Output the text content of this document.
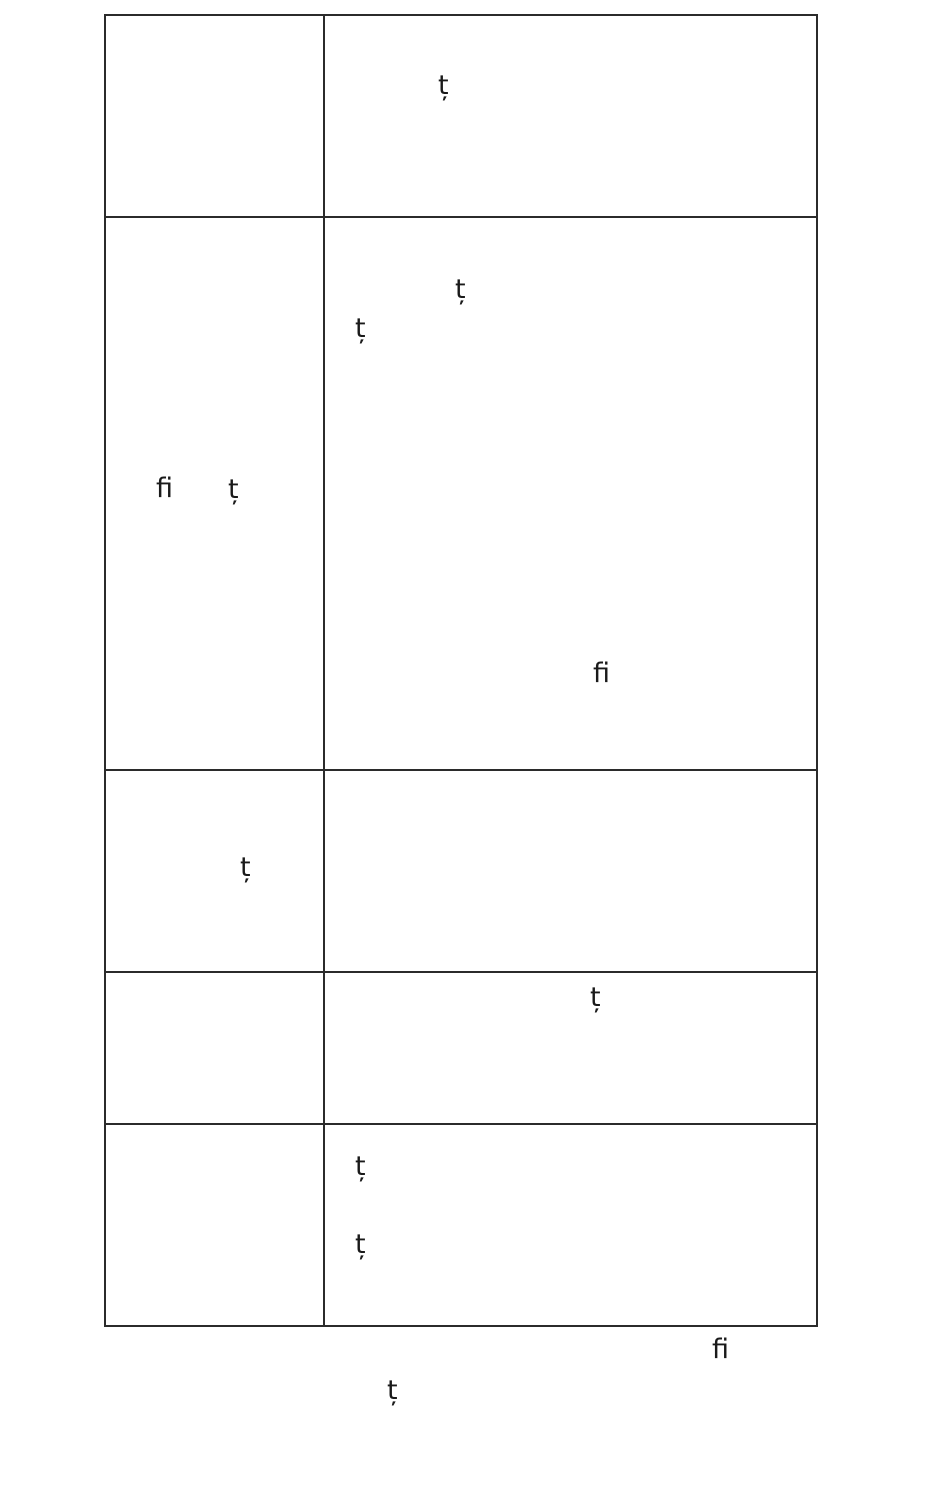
ț
ﬁ ț
ț
ț
ﬁ
ț
ț
ț
ț
ﬁ
ț
